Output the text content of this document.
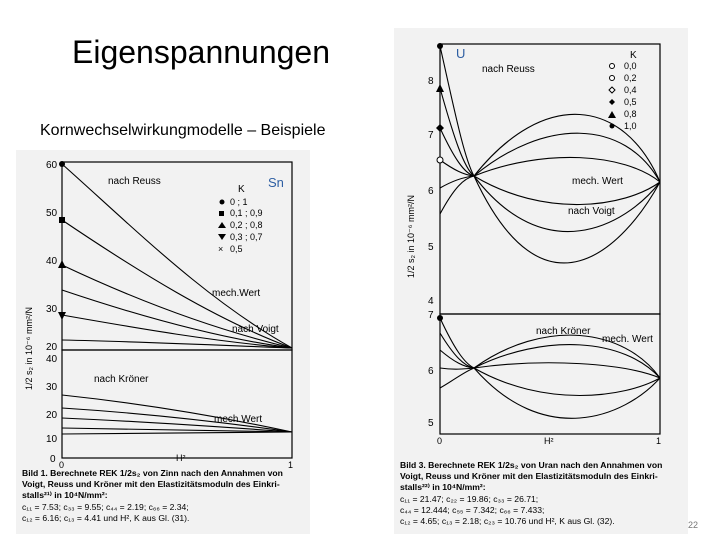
Eigenspannungen
Kornwechselwirkungmodelle – Beispiele
60
50
40
30
20
40
30
20
10
0 0	1
H²
1/2 s₂ in 10⁻⁶ mm²/N
nach Reuss
mech.Wert
nach Voigt
nach Kröner
mech.Wert
Sn
K
0 ; 1
0,1 ; 0,9
0,2 ; 0,8
0,3 ; 0,7
× 0,5
Bild 1. Berechnete REK 1/2s₂ von Zinn nach den Annahmen von
Voigt, Reuss und Kröner mit den Elastizitätsmoduln des Einkri-
stalls²¹⁾ in 10⁴N/mm²:
c₁₁ = 7.53; c₃₃ = 9.55; c₄₄ = 2.19; c₆₆ = 2.34;
c₁₂ = 6.16; c₁₃ = 4.41 und H², K aus Gl. (31).
8
7
6
5
4
7
6
5
0	1
H²
1/2 s₂ in 10⁻⁶ mm²/N
U
nach Reuss
mech. Wert
nach Voigt
nach Kröner
mech. Wert
K
0,0
0,2
0,4
0,5
0,8
1,0
Bild 3. Berechnete REK 1/2s₂ von Uran nach den Annahmen von
Voigt, Reuss und Kröner mit den Elastizitätsmoduln des Einkri-
stalls²²⁾ in 10⁴N/mm²:
c₁₁ = 21.47; c₂₂ = 19.86; c₃₃ = 26.71;
c₄₄ = 12.444; c₅₅ = 7.342; c₆₆ = 7.433;
c₁₂ = 4.65; c₁₃ = 2.18; c₂₃ = 10.76 und H², K aus Gl. (32).	22
